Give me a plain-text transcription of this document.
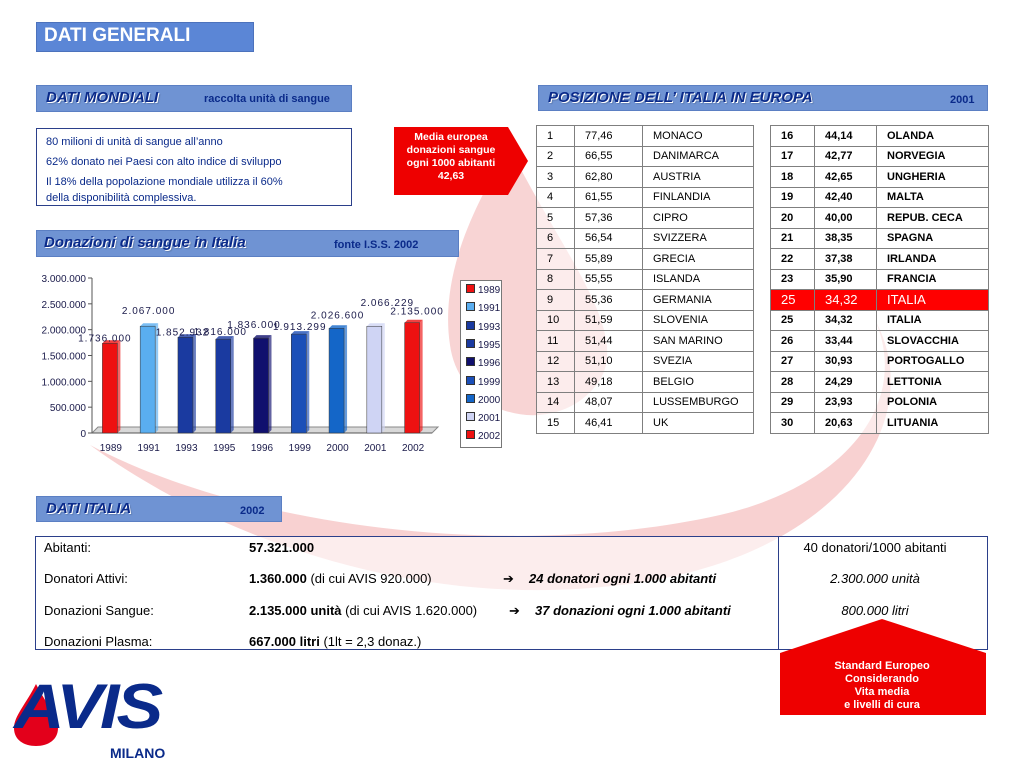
DATI GENERALI
DATI MONDIALI	raccolta unità di sangue
80 milioni di unità di sangue all’anno
62% donato nei Paesi con alto indice di sviluppo
Il 18% della popolazione mondiale utilizza il 60%
della disponibilità complessiva.
Media europea
donazioni sangue
ogni 1000 abitanti
42,63
POSIZIONE DELL’ ITALIA IN EUROPA	2001
1	77,46	MONACO
2	66,55	DANIMARCA
3	62,80	AUSTRIA
4	61,55	FINLANDIA
5	57,36	CIPRO
6	56,54	SVIZZERA
7	55,89	GRECIA
8	55,55	ISLANDA
9	55,36	GERMANIA
10	51,59	SLOVENIA
11	51,44	SAN MARINO
12	51,10	SVEZIA
13	49,18	BELGIO
14	48,07	LUSSEMBURGO
15	46,41	UK
16	44,14	OLANDA
17	42,77	NORVEGIA
18	42,65	UNGHERIA
19	42,40	MALTA
20	40,00	REPUB. CECA
21	38,35	SPAGNA
22	37,38	IRLANDA
23	35,90	FRANCIA
25	34,32	ITALIA
25	34,32	ITALIA
26	33,44	SLOVACCHIA
27	30,93	PORTOGALLO
28	24,29	LETTONIA
29	23,93	POLONIA
30	20,63	LITUANIA
Donazioni di sangue in Italia	fonte I.S.S. 2002
0
500.000
1.000.000
1.500.000
2.000.000
2.500.000
3.000.000
1989 1991 1993 1995 1996 1999 2000 2001 2002
1.736.000
2.067.000
1.852.932
1.816.000
1.836.000
1.913.299
2.026.600
2.066.229
2.135.000
1989
1991
1993
1995
1996
1999
2000
2001
2002
DATI ITALIA	2002
Abitanti:	57.321.000	40 donatori/1000 abitanti
Donatori Attivi:	1.360.000 (di cui AVIS 920.000)	➔ 24 donatori ogni 1.000 abitanti	2.300.000 unità
Donazioni Sangue:	2.135.000 unità (di cui AVIS 1.620.000) ➔ 37 donazioni ogni 1.000 abitanti	800.000 litri
Donazioni Plasma:	667.000 litri (1lt = 2,3 donaz.)
Standard Europeo
Considerando
Vita media
e livelli di cura
AVIS
MILANO
